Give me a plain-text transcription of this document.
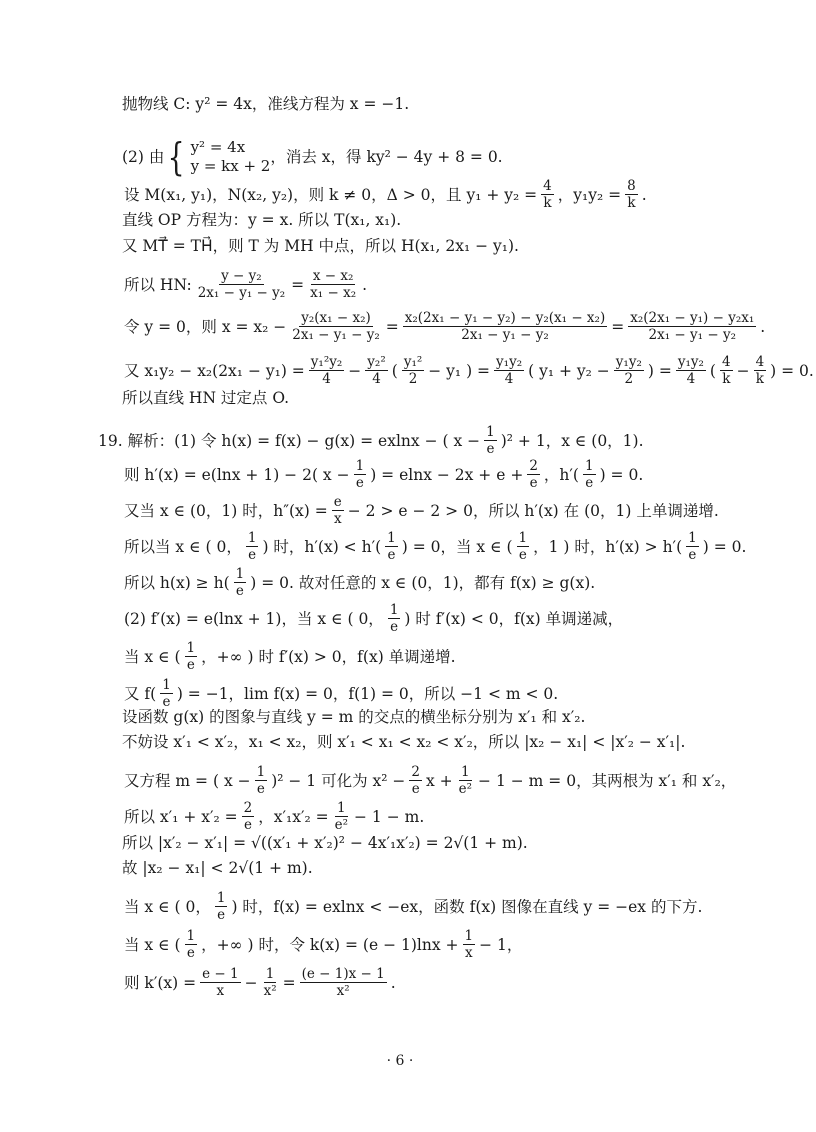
抛物线 C: y² = 4x，准线方程为 x = −1.
(2) 由 { y² = 4x
y = kx + 2 ，消去 x，得 ky² − 4y + 8 = 0.
设 M(x₁, y₁)，N(x₂, y₂)，则 k ≠ 0，Δ > 0，且 $y_1 + y_2 = \frac{4}{k}$ ，$y_1y_2 = \frac{8}{k}$ .
直线 OP 方程为：y = x. 所以 T(x₁, x₁).
又 MT⃗ = TH⃗，则 T 为 MH 中点，所以 H(x₁, 2x₁ − y₁).
所以 HN: $\frac{\text{y − y₂}}{\text{2x₁ − y₁ − y₂}} = \frac{\text{x − x₂}}{\text{x₁ − x₂}}$ .
令 y = 0，则 $x = x_2 - \frac{\text{y₂(x₁ − x₂)}}{\text{2x₁ − y₁ − y₂}} = \frac{\text{x₂(2x₁ − y₁ − y₂) − y₂(x₁ − x₂)}}{\text{2x₁ − y₁ − y₂}} = \frac{\text{x₂(2x₁ − y₁) − y₂x₁}}{\text{2x₁ − y₁ − y₂}}$ .
又 $x_1y_2 - x_2(2x_1 - y_1) = \frac{\text{y₁²y₂}}{4} - \frac{\text{y₂²}}{4}$ ( $\frac{\text{y₁²}}{2} - y_1$ ) = $\frac{\text{y₁y₂}}{4}$ ( $y_1 + y_2 - \frac{\text{y₁y₂}}{2}$ ) = $\frac{\text{y₁y₂}}{4}$ ( $\frac{4}{k} - \frac{4}{k}$ ) = 0.
所以直线 HN 过定点 O.
19. 解析：(1) 令 h(x) = f(x) − g(x) = exlnx − ( $x - \frac{1}{e} )^2 + 1$，x ∈ (0，1).
则 h′(x) = e(lnx + 1) − 2( $x - \frac{1}{e}$ ) = $elnx - 2x + e + \frac{2}{e}$ ，$h'( \frac{1}{e}$ ) = 0.
又当 x ∈ (0，1) 时，$h''(x) = \frac{e}{x} - 2 > e - 2 > 0$，所以 h′(x) 在 (0，1) 上单调递增.
所以当 x ∈ ( 0， $\frac{1}{e}$ ) 时，$h'(x) < h'( \frac{1}{e}$ ) = 0，当 x ∈ ( $\frac{1}{e}$ ，1 ) 时，$h'(x) > h'( \frac{1}{e}$ ) = 0.
所以 $h(x) \ge h( \frac{1}{e}$ ) = 0. 故对任意的 x ∈ (0，1)，都有 f(x) ≥ g(x).
(2) f′(x) = e(lnx + 1)，当 x ∈ ( 0， $\frac{1}{e}$ ) 时 f′(x) < 0，f(x) 单调递减，
当 x ∈ ( $\frac{1}{e}$ ，+∞ ) 时 f′(x) > 0，f(x) 单调递增.
又 $f( \frac{1}{e}$ ) = −1，lim f(x) = 0，f(1) = 0，所以 −1 < m < 0.
设函数 g(x) 的图象与直线 y = m 的交点的横坐标分别为 x′₁ 和 x′₂.
不妨设 x′₁ < x′₂，x₁ < x₂，则 x′₁ < x₁ < x₂ < x′₂，所以 |x₂ − x₁| < |x′₂ − x′₁|.
又方程 m = ( $x - \frac{1}{e} )^2 - 1$ 可化为 $x^2 - \frac{2}{e}$ $x + \frac{1}{\text{e²}} - 1 - m = 0$，其两根为 x′₁ 和 x′₂，
所以 $x'_1 + x'_2 = \frac{2}{e}$ ，$x'_1x'_2 = \frac{1}{\text{e²}} - 1 - m$.
所以 |x′₂ − x′₁| = √((x′₁ + x′₂)² − 4x′₁x′₂) = 2√(1 + m).
故 |x₂ − x₁| < 2√(1 + m).
当 x ∈ ( 0， $\frac{1}{e}$ ) 时，f(x) = exlnx < −ex，函数 f(x) 图像在直线 y = −ex 的下方.
当 x ∈ ( $\frac{1}{e}$ ，+∞ ) 时，令 $k(x) = (e - 1)\ln x + \frac{1}{x} - 1$，
则 $k'(x) = \frac{e - 1}{x} - \frac{1}{\text{x²}} = \frac{(e - 1)x - 1}{\text{x²}}$ .
· 6 ·
